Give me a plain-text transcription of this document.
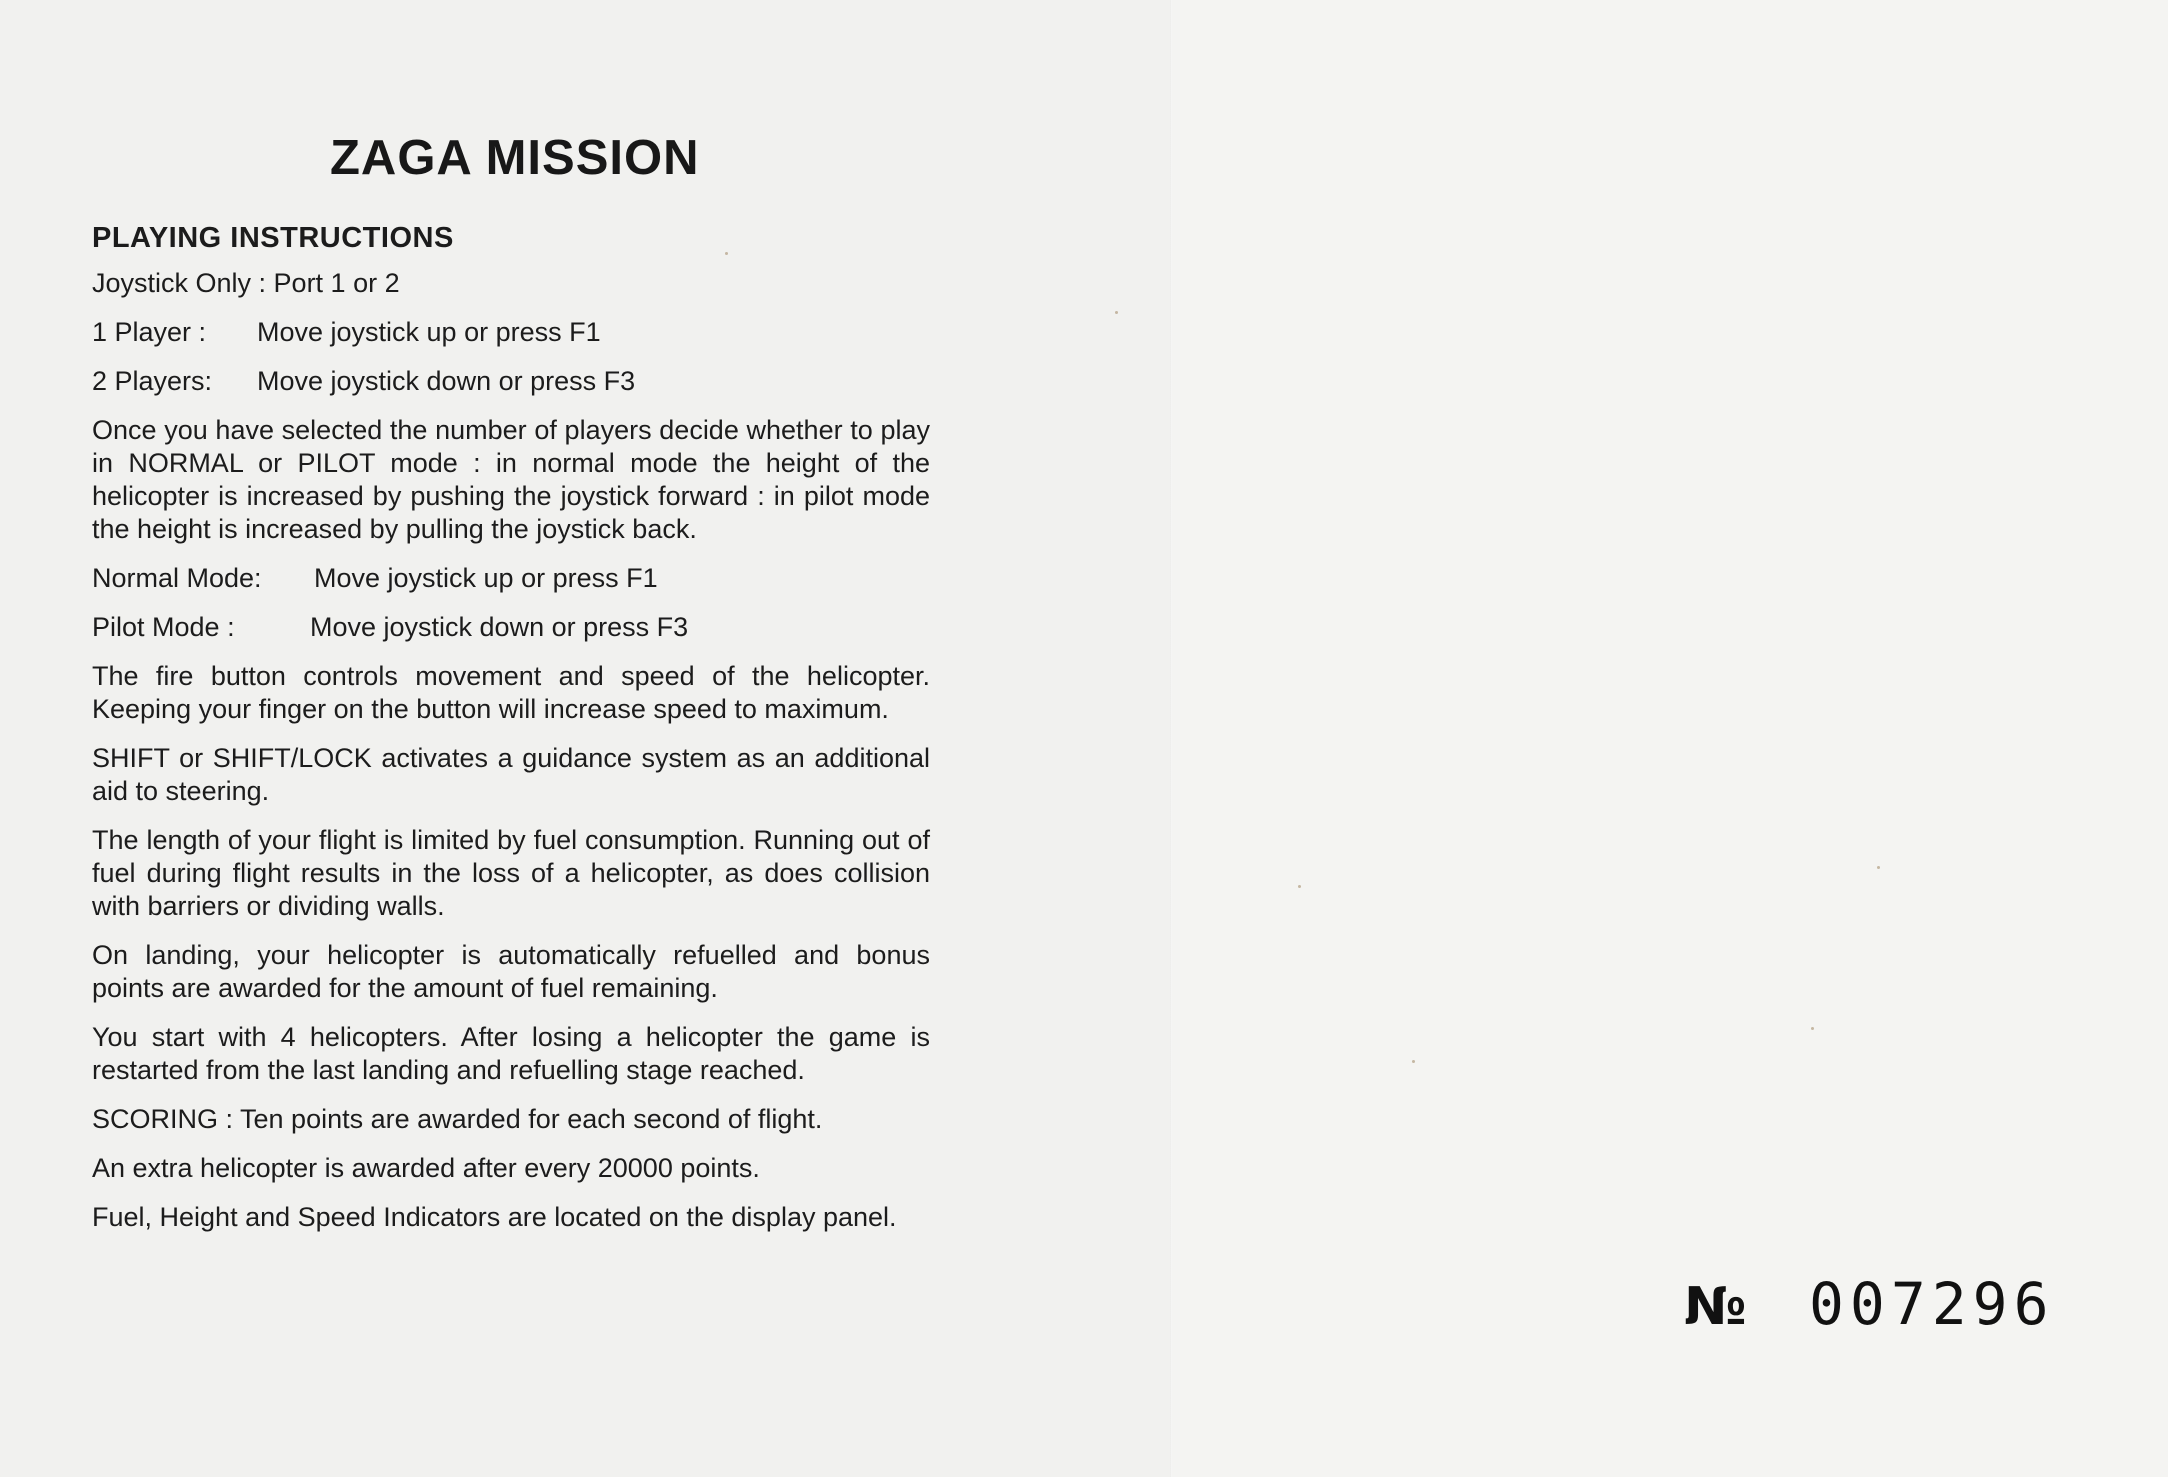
ZAGA MISSION

PLAYING INSTRUCTIONS

Joystick Only : Port 1 or 2

1 Player : Move joystick up or press F1

2 Players: Move joystick down or press F3

Once you have selected the number of players decide whether to play in NORMAL or PILOT mode : in normal mode the height of the helicopter is increased by pushing the joystick forward : in pilot mode the height is increased by pulling the joystick back.

Normal Mode: Move joystick up or press F1

Pilot Mode :	Move joystick down or press F3

The fire button controls movement and speed of the helicopter. Keeping your finger on the button will increase speed to maximum.

SHIFT or SHIFT/LOCK activates a guidance system as an additional aid to steering.

The length of your flight is limited by fuel consumption. Running out of fuel during flight results in the loss of a helicopter, as does collision with barriers or dividing walls.

On landing, your helicopter is automatically refuelled and bonus points are awarded for the amount of fuel remaining.

You start with 4 helicopters. After losing a helicopter the game is restarted from the last landing and refuelling stage reached.

SCORING : Ten points are awarded for each second of flight.

An extra helicopter is awarded after every 20000 points.

Fuel, Height and Speed Indicators are located on the display panel.

№ 007296
